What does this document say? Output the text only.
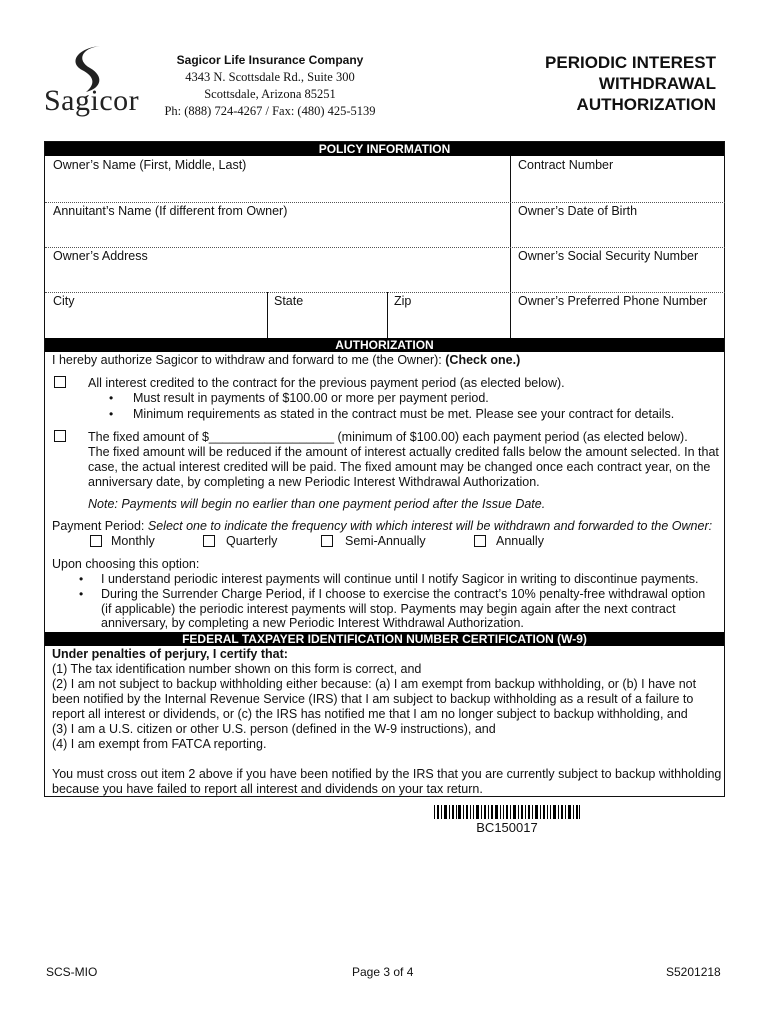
Sagicor
Sagicor Life Insurance Company
4343 N. Scottsdale Rd., Suite 300
Scottsdale, Arizona 85251
Ph: (888) 724-4267 / Fax: (480) 425-5139
PERIODIC INTEREST
WITHDRAWAL
AUTHORIZATION
POLICY INFORMATION
Owner’s Name (First, Middle, Last)	Contract Number
Annuitant’s Name (If different from Owner)	Owner’s Date of Birth
Owner’s Address	Owner’s Social Security Number
City	State	Zip	Owner’s Preferred Phone Number
AUTHORIZATION
I hereby authorize Sagicor to withdraw and forward to me (the Owner): (Check one.)
All interest credited to the contract for the previous payment period (as elected below).
• Must result in payments of $100.00 or more per payment period.
• Minimum requirements as stated in the contract must be met. Please see your contract for details.
The fixed amount of $__________________ (minimum of $100.00) each payment period (as elected below).
The fixed amount will be reduced if the amount of interest actually credited falls below the amount selected. In that
case, the actual interest credited will be paid. The fixed amount may be changed once each contract year, on the
anniversary date, by completing a new Periodic Interest Withdrawal Authorization.
Note: Payments will begin no earlier than one payment period after the Issue Date.
Payment Period: Select one to indicate the frequency with which interest will be withdrawn and forwarded to the Owner:
Monthly	Quarterly	Semi-Annually	Annually
Upon choosing this option:
• I understand periodic interest payments will continue until I notify Sagicor in writing to discontinue payments.
• During the Surrender Charge Period, if I choose to exercise the contract’s 10% penalty-free withdrawal option
(if applicable) the periodic interest payments will stop. Payments may begin again after the next contract
anniversary, by completing a new Periodic Interest Withdrawal Authorization.
FEDERAL TAXPAYER IDENTIFICATION NUMBER CERTIFICATION (W-9)
Under penalties of perjury, I certify that:
(1) The tax identification number shown on this form is correct, and
(2) I am not subject to backup withholding either because: (a) I am exempt from backup withholding, or (b) I have not
been notified by the Internal Revenue Service (IRS) that I am subject to backup withholding as a result of a failure to
report all interest or dividends, or (c) the IRS has notified me that I am no longer subject to backup withholding, and
(3) I am a U.S. citizen or other U.S. person (defined in the W-9 instructions), and
(4) I am exempt from FATCA reporting.
You must cross out item 2 above if you have been notified by the IRS that you are currently subject to backup withholding
because you have failed to report all interest and dividends on your tax return.
BC150017
SCS-MIO	Page 3 of 4	S5201218
